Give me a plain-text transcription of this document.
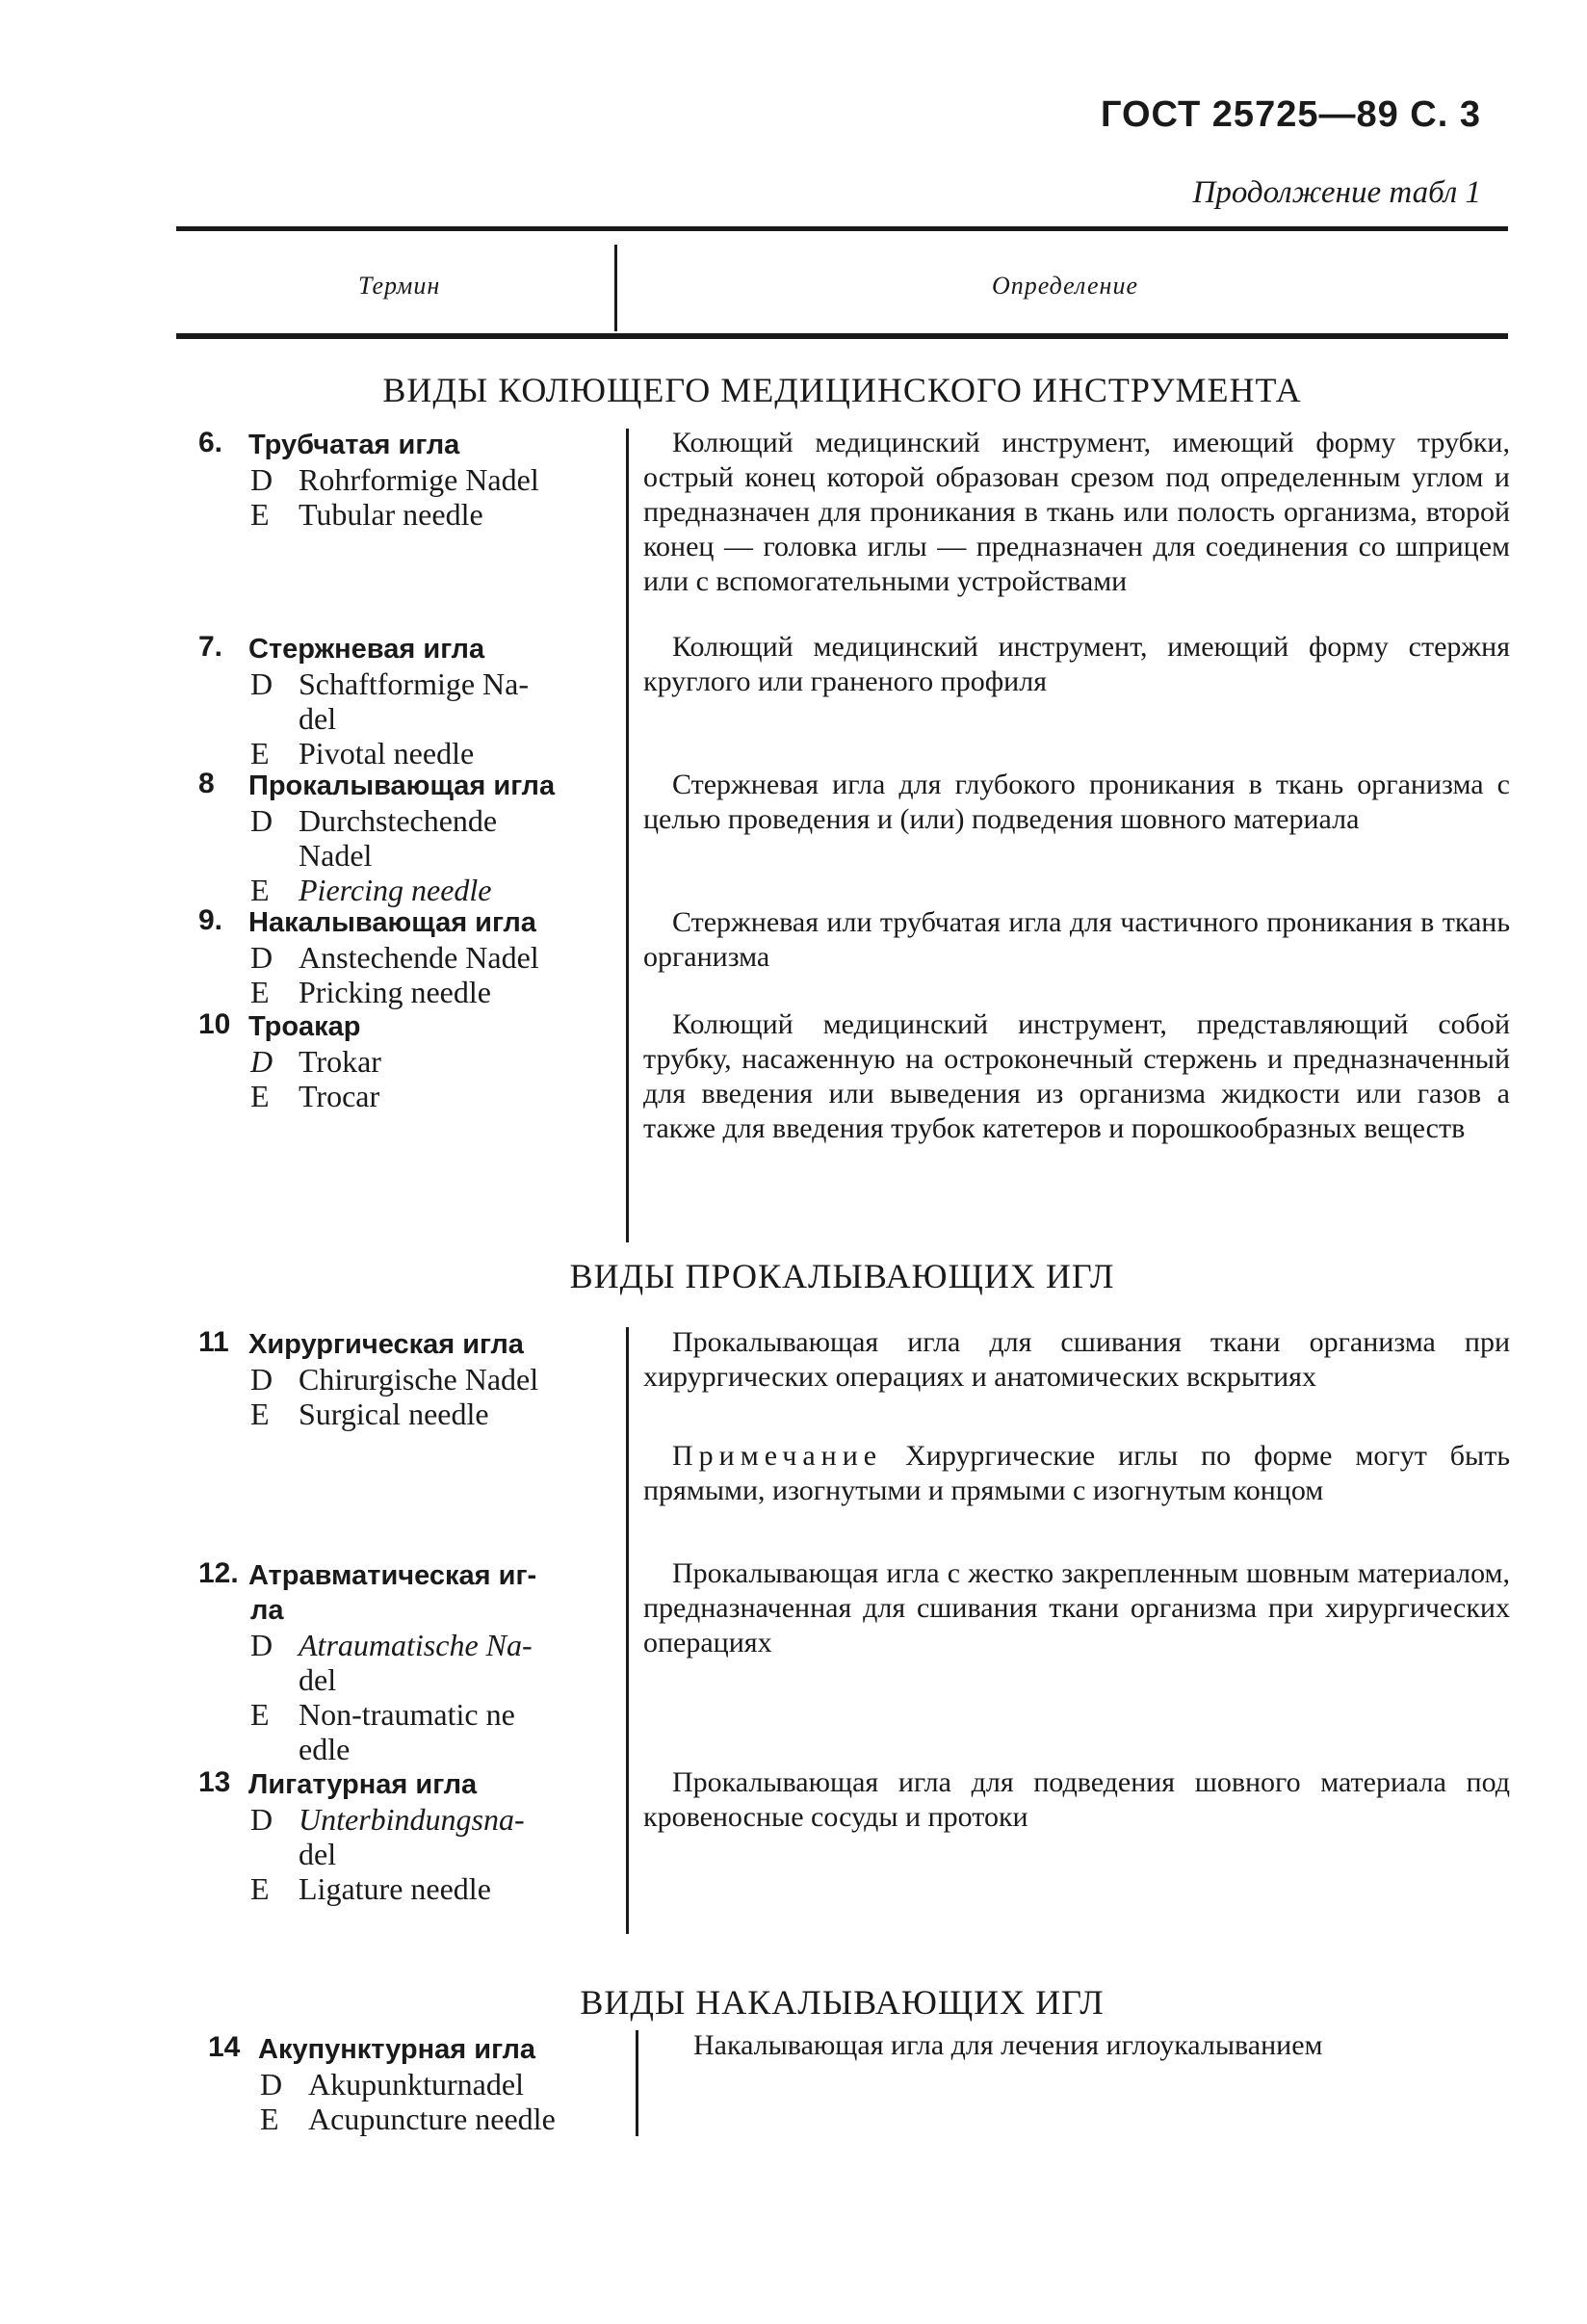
ГОСТ 25725—89 С. 3
Продолжение табл 1
Термин	Определение
ВИДЫ КОЛЮЩЕГО МЕДИЦИНСКОГО ИНСТРУМЕНТА
6. Трубчатая игла
D Rohrformige Nadel
E Tubular needle
Колющий медицинский инструмент, имеющий форму трубки, острый конец которой образован срезом под определенным углом и предназначен для проникания в ткань или полость организма, второй конец — головка иглы — предназначен для соединения со шприцем или с вспомогательными устройствами
7. Стержневая игла
D Schaftformige Na-
del
E Pivotal needle
Колющий медицинский инструмент, имеющий форму стержня круглого или граненого профиля
8 Прокалывающая игла
D Durchstechende
Nadel
E Piercing needle
Стержневая игла для глубокого проникания в ткань организма с целью проведения и (или) подведения шовного материала
9. Накалывающая игла
D Anstechende Nadel
E Pricking needle
Стержневая или трубчатая игла для частичного проникания в ткань организма
10 Троакар
D Trokar
E Trocar
Колющий медицинский инструмент, представляющий собой трубку, насаженную на остроконечный стержень и предназначенный для введения или выведения из организма жидкости или газов а также для введения трубок катетеров и порошкообразных веществ
ВИДЫ ПРОКАЛЫВАЮЩИХ ИГЛ
11 Хирургическая игла
D Chirurgische Nadel
E Surgical needle
Прокалывающая игла для сшивания ткани организма при хирургических операциях и анатомических вскрытиях
Примечание Хирургические иглы по форме могут быть прямыми, изогнутыми и прямыми с изогнутым концом
12. Атравматическая иг-
ла
D Atraumatische Na-
del
E Non-traumatic ne
edle
Прокалывающая игла с жестко закрепленным шовным материалом, предназначенная для сшивания ткани организма при хирургических операциях
13 Лигатурная игла
D Unterbindungsna-
del
E Ligature needle
Прокалывающая игла для подведения шовного материала под кровеносные сосуды и протоки
ВИДЫ НАКАЛЫВАЮЩИХ ИГЛ
14 Акупунктурная игла
D Akupunkturnadel
E Acupuncture needle
Накалывающая игла для лечения иглоукалыванием
